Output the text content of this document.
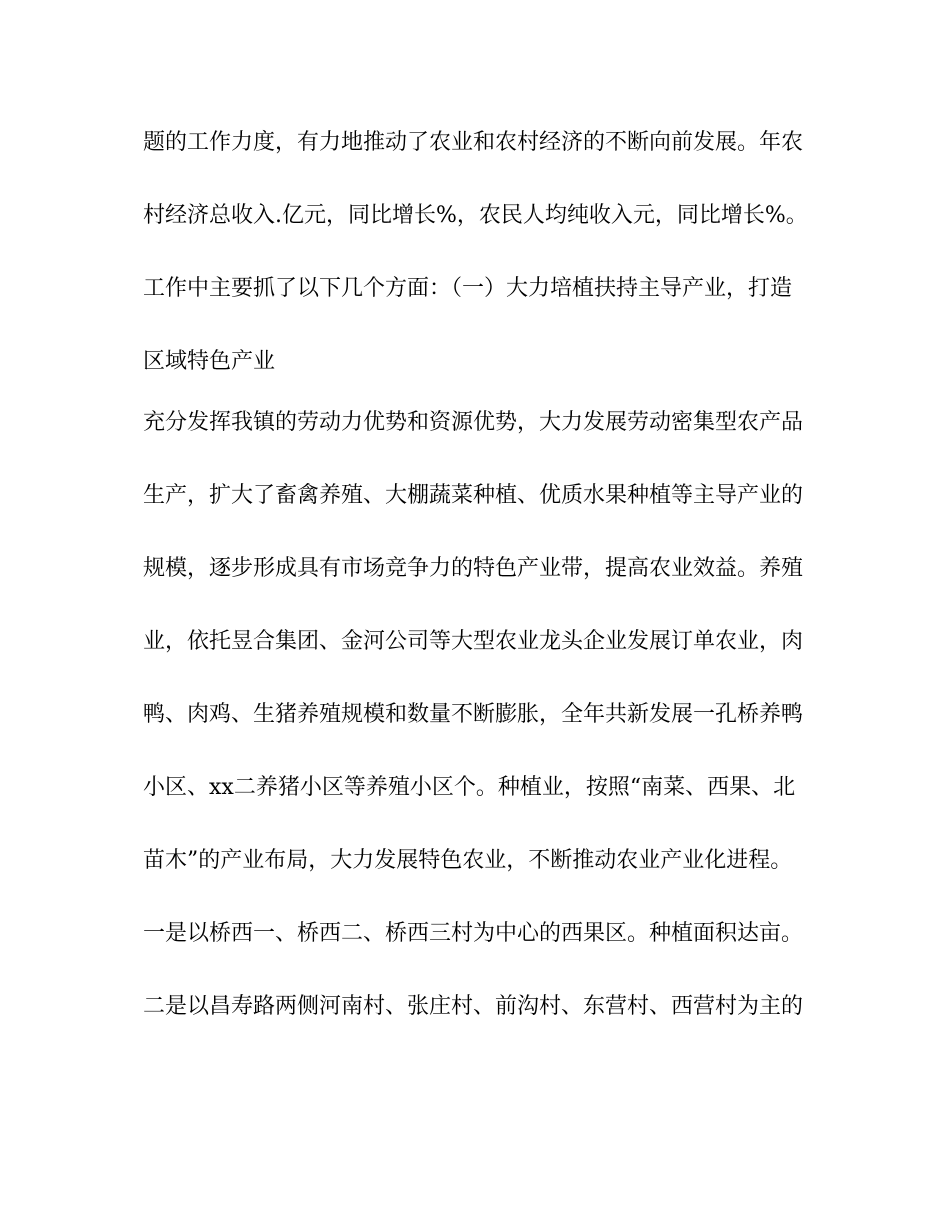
题的工作力度，有力地推动了农业和农村经济的不断向前发展。年农

村经济总收入.亿元，同比增长%，农民人均纯收入元，同比增长%。

工作中主要抓了以下几个方面：（一）大力培植扶持主导产业，打造

区域特色产业

充分发挥我镇的劳动力优势和资源优势，大力发展劳动密集型农产品

生产，扩大了畜禽养殖、大棚蔬菜种植、优质水果种植等主导产业的

规模，逐步形成具有市场竞争力的特色产业带，提高农业效益。养殖

业，依托昱合集团、金河公司等大型农业龙头企业发展订单农业，肉

鸭、肉鸡、生猪养殖规模和数量不断膨胀，全年共新发展一孔桥养鸭

小区、xx二养猪小区等养殖小区个。种植业，按照“南菜、西果、北

苗木”的产业布局，大力发展特色农业，不断推动农业产业化进程。

一是以桥西一、桥西二、桥西三村为中心的西果区。种植面积达亩。

二是以昌寿路两侧河南村、张庄村、前沟村、东营村、西营村为主的
